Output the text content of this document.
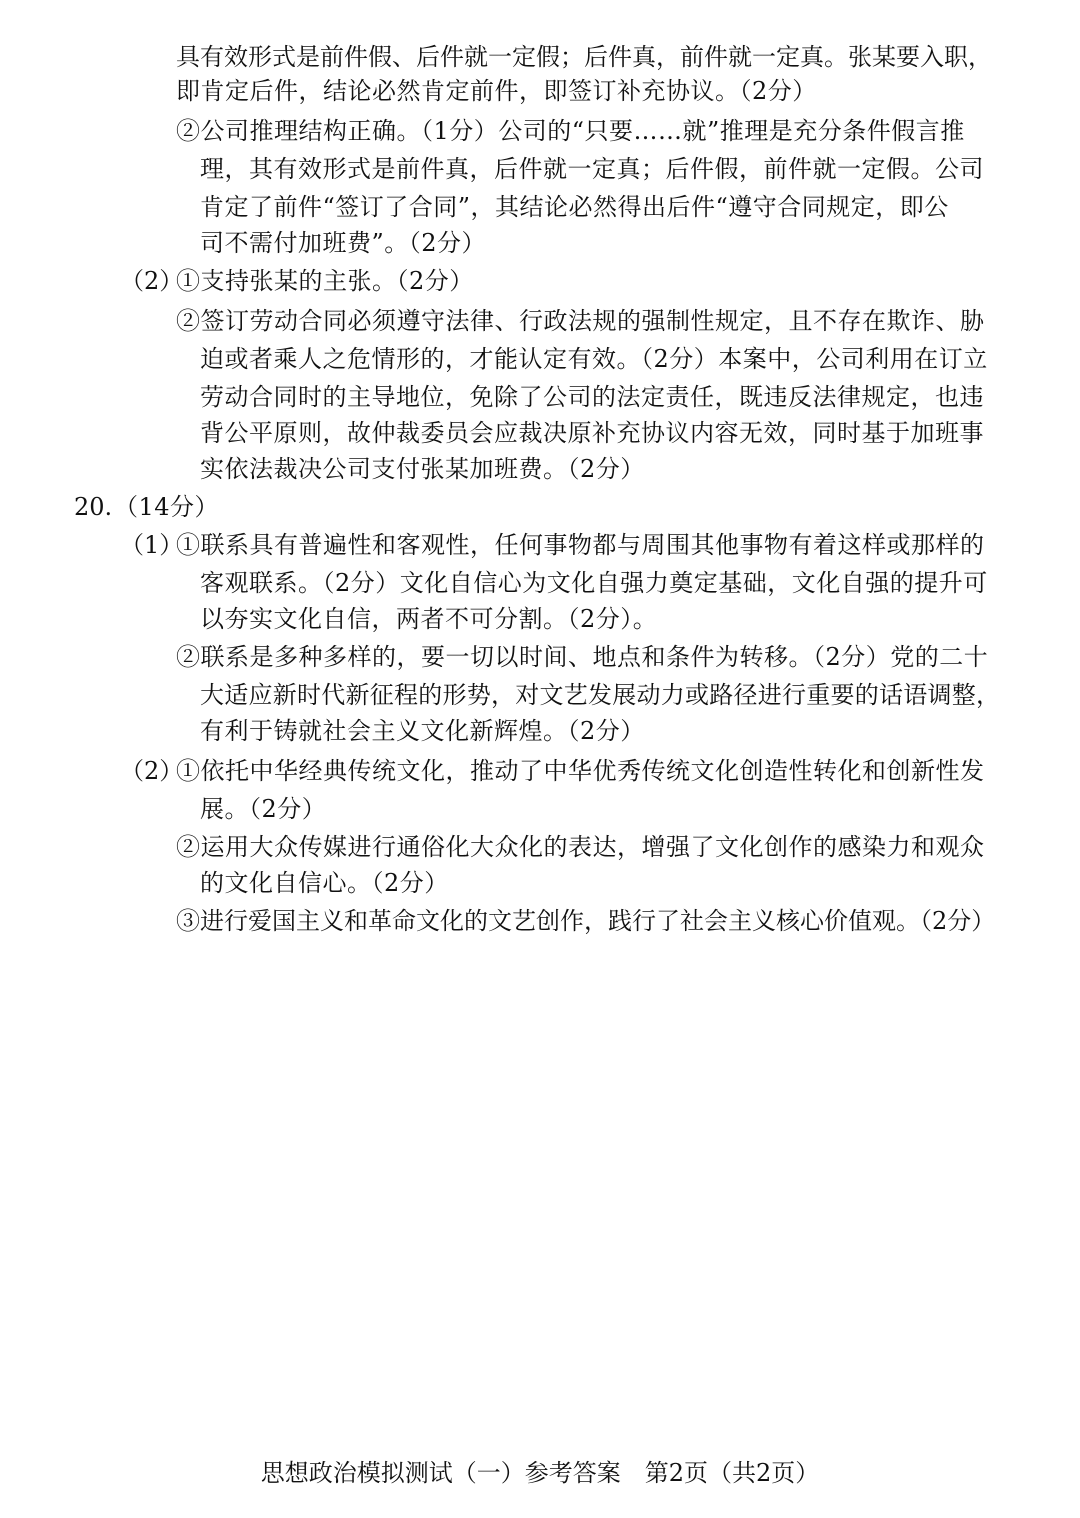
具有效形式是前件假、后件就一定假；后件真，前件就一定真。张某要入职，
即肯定后件，结论必然肯定前件，即签订补充协议。（2分）
②公司推理结构正确。（1分）公司的“只要……就”推理是充分条件假言推
理，其有效形式是前件真，后件就一定真；后件假，前件就一定假。公司
肯定了前件“签订了合同”，其结论必然得出后件“遵守合同规定，即公
司不需付加班费”。（2分）
（2）
①支持张某的主张。（2分）
②签订劳动合同必须遵守法律、行政法规的强制性规定，且不存在欺诈、胁
迫或者乘人之危情形的，才能认定有效。（2分）本案中，公司利用在订立
劳动合同时的主导地位，免除了公司的法定责任，既违反法律规定，也违
背公平原则，故仲裁委员会应裁决原补充协议内容无效，同时基于加班事
实依法裁决公司支付张某加班费。（2分）
20. （14分）
（1）
①联系具有普遍性和客观性，任何事物都与周围其他事物有着这样或那样的
客观联系。（2分）文化自信心为文化自强力奠定基础，文化自强的提升可
以夯实文化自信，两者不可分割。（2分）。
②联系是多种多样的，要一切以时间、地点和条件为转移。（2分）党的二十
大适应新时代新征程的形势，对文艺发展动力或路径进行重要的话语调整，
有利于铸就社会主义文化新辉煌。（2分）
（2）
①依托中华经典传统文化，推动了中华优秀传统文化创造性转化和创新性发
展。（2分）
②运用大众传媒进行通俗化大众化的表达，增强了文化创作的感染力和观众
的文化自信心。（2分）
③进行爱国主义和革命文化的文艺创作，践行了社会主义核心价值观。（2分）
思想政治模拟测试（一）参考答案　第2页（共2页）
